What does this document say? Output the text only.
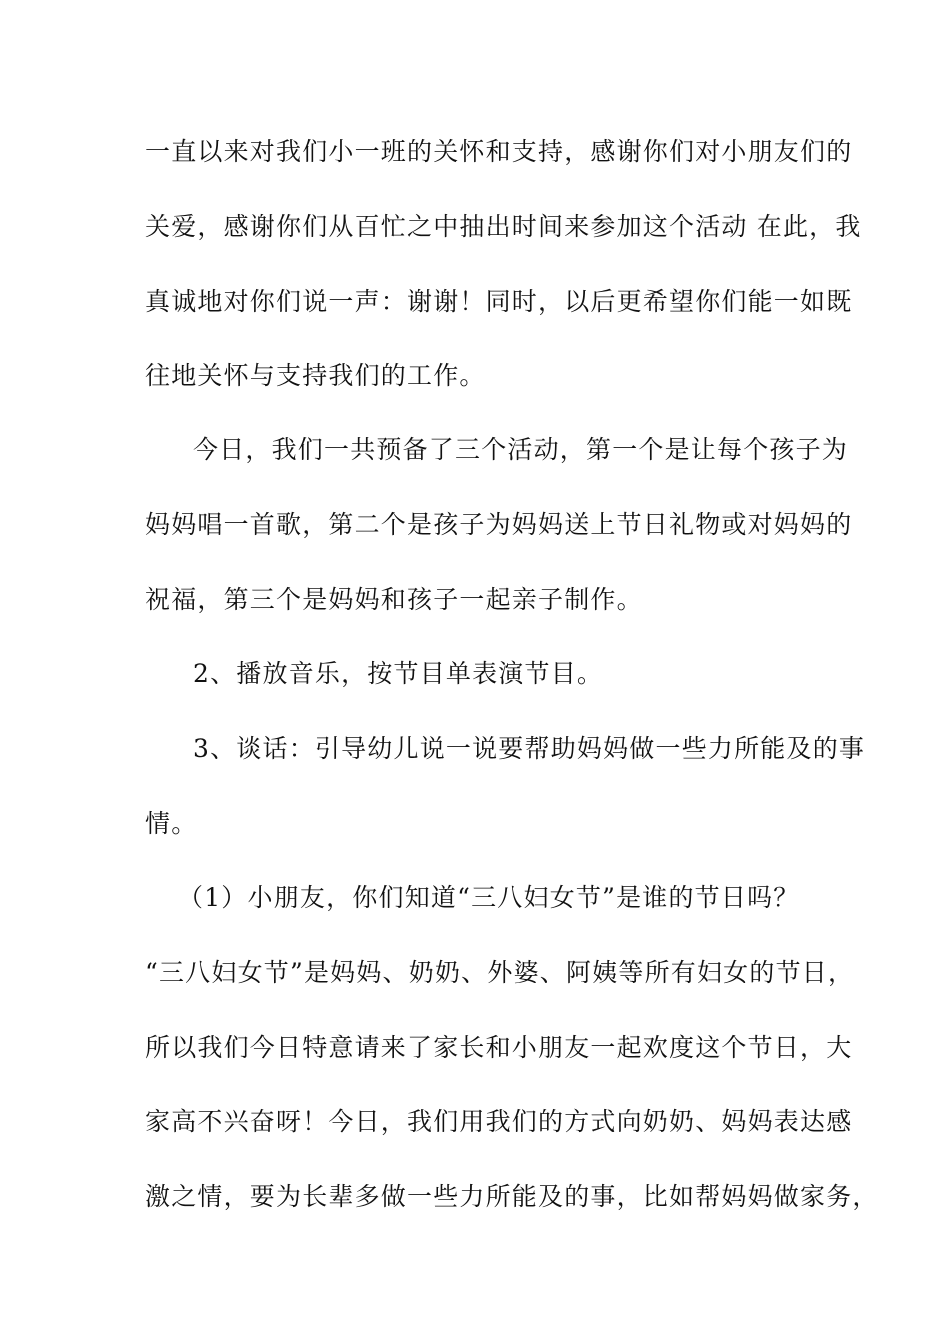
一直以来对我们小一班的关怀和支持，感谢你们对小朋友们的
关爱，感谢你们从百忙之中抽出时间来参加这个活动 在此，我
真诚地对你们说一声：谢谢！同时，以后更希望你们能一如既
往地关怀与支持我们的工作。
今日，我们一共预备了三个活动，第一个是让每个孩子为
妈妈唱一首歌，第二个是孩子为妈妈送上节日礼物或对妈妈的
祝福，第三个是妈妈和孩子一起亲子制作。
2、播放音乐，按节目单表演节目。
3、谈话：引导幼儿说一说要帮助妈妈做一些力所能及的事
情。
（1）小朋友，你们知道“三八妇女节”是谁的节日吗？
“三八妇女节”是妈妈、奶奶、外婆、阿姨等所有妇女的节日，
所以我们今日特意请来了家长和小朋友一起欢度这个节日，大
家高不兴奋呀！今日，我们用我们的方式向奶奶、妈妈表达感
激之情，要为长辈多做一些力所能及的事，比如帮妈妈做家务，
